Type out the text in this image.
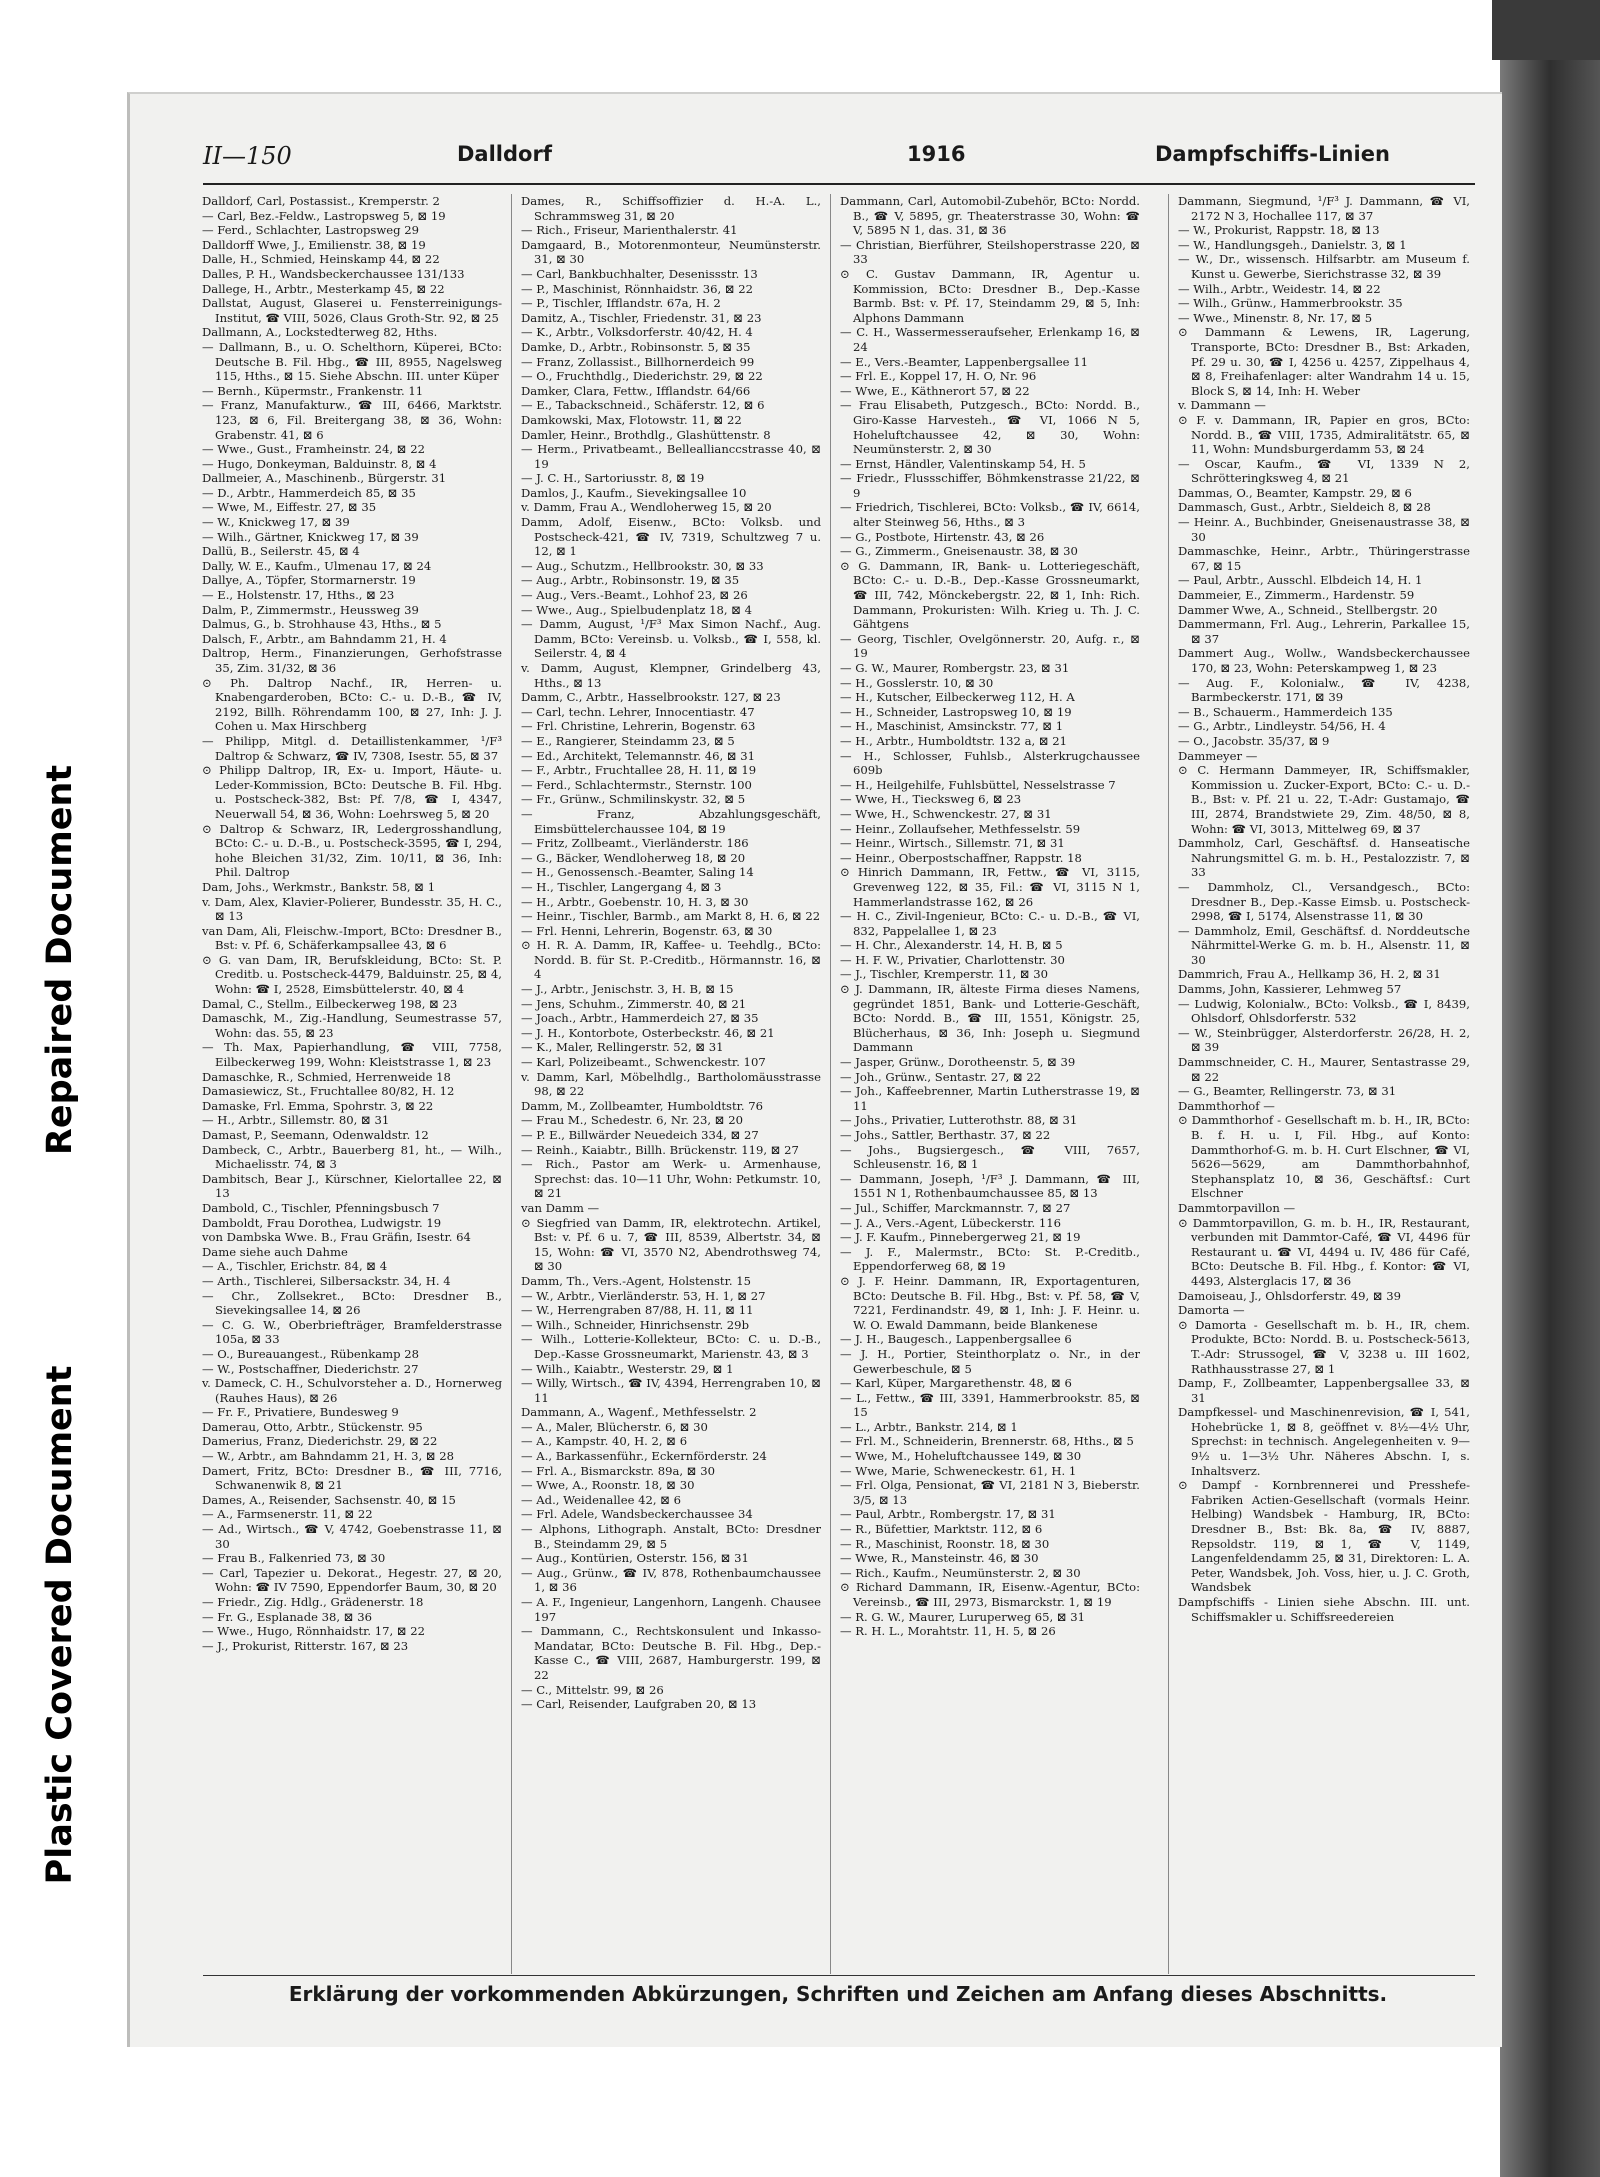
Repaired Document
Plastic Covered Document
II—150	Dalldorf	1916	Dampfschiffs-Linien

Dalldorf, Carl, Postassist., Kremperstr. 2

— Carl, Bez.-Feldw., Lastropsweg 5, ⊠ 19

— Ferd., Schlachter, Lastropsweg 29

Dalldorff Wwe, J., Emilienstr. 38, ⊠ 19

Dalle, H., Schmied, Heinskamp 44, ⊠ 22

Dalles, P. H., Wandsbeckerchaussee 131/133

Dallege, H., Arbtr., Mesterkamp 45, ⊠ 22

Dallstat, August, Glaserei u. Fensterreinigungs-Institut, ☎ VIII, 5026, Claus Groth-Str. 92, ⊠ 25

Dallmann, A., Lockstedterweg 82, Hths.

— Dallmann, B., u. O. Schelthorn, Küperei, BCto: Deutsche B. Fil. Hbg., ☎ III, 8955, Nagelsweg 115, Hths., ⊠ 15. Siehe Abschn. III. unter Küper

— Bernh., Küpermstr., Frankenstr. 11

— Franz, Manufakturw., ☎ III, 6466, Marktstr. 123, ⊠ 6, Fil. Breitergang 38, ⊠ 36, Wohn: Grabenstr. 41, ⊠ 6

— Wwe., Gust., Framheinstr. 24, ⊠ 22

— Hugo, Donkeyman, Balduinstr. 8, ⊠ 4

Dallmeier, A., Maschinenb., Bürgerstr. 31

— D., Arbtr., Hammerdeich 85, ⊠ 35

— Wwe, M., Eiffestr. 27, ⊠ 35

— W., Knickweg 17, ⊠ 39

— Wilh., Gärtner, Knickweg 17, ⊠ 39

Dallü, B., Seilerstr. 45, ⊠ 4

Dally, W. E., Kaufm., Ulmenau 17, ⊠ 24

Dallye, A., Töpfer, Stormarnerstr. 19

— E., Holstenstr. 17, Hths., ⊠ 23

Dalm, P., Zimmermstr., Heussweg 39

Dalmus, G., b. Strohhause 43, Hths., ⊠ 5

Dalsch, F., Arbtr., am Bahndamm 21, H. 4

Daltrop, Herm., Finanzierungen, Gerhofstrasse 35, Zim. 31/32, ⊠ 36

⊙ Ph. Daltrop Nachf., IR, Herren- u. Knabengarderoben, BCto: C.- u. D.-B., ☎ IV, 2192, Billh. Röhrendamm 100, ⊠ 27, Inh: J. J. Cohen u. Max Hirschberg

— Philipp, Mitgl. d. Detaillistenkammer, ¹/F³ Daltrop & Schwarz, ☎ IV, 7308, Isestr. 55, ⊠ 37

⊙ Philipp Daltrop, IR, Ex- u. Import, Häute- u. Leder-Kommission, BCto: Deutsche B. Fil. Hbg. u. Postscheck-382, Bst: Pf. 7/8, ☎ I, 4347, Neuerwall 54, ⊠ 36, Wohn: Loehrsweg 5, ⊠ 20

⊙ Daltrop & Schwarz, IR, Ledergrosshandlung, BCto: C.- u. D.-B., u. Postscheck-3595, ☎ I, 294, hohe Bleichen 31/32, Zim. 10/11, ⊠ 36, Inh: Phil. Daltrop

Dam, Johs., Werkmstr., Bankstr. 58, ⊠ 1

v. Dam, Alex, Klavier-Polierer, Bundesstr. 35, H. C., ⊠ 13

van Dam, Ali, Fleischw.-Import, BCto: Dresdner B., Bst: v. Pf. 6, Schäferkampsallee 43, ⊠ 6

⊙ G. van Dam, IR, Berufskleidung, BCto: St. P. Creditb. u. Postscheck-4479, Balduinstr. 25, ⊠ 4, Wohn: ☎ I, 2528, Eimsbüttelerstr. 40, ⊠ 4

Damal, C., Stellm., Eilbeckerweg 198, ⊠ 23

Damaschk, M., Zig.-Handlung, Seumestrasse 57, Wohn: das. 55, ⊠ 23

— Th. Max, Papierhandlung, ☎ VIII, 7758, Eilbeckerweg 199, Wohn: Kleiststrasse 1, ⊠ 23

Damaschke, R., Schmied, Herrenweide 18

Damasiewicz, St., Fruchtallee 80/82, H. 12

Damaske, Frl. Emma, Spohrstr. 3, ⊠ 22

— H., Arbtr., Sillemstr. 80, ⊠ 31

Damast, P., Seemann, Odenwaldstr. 12

Dambeck, C., Arbtr., Bauerberg 81, ht., — Wilh., Michaelisstr. 74, ⊠ 3

Dambitsch, Bear J., Kürschner, Kielortallee 22, ⊠ 13

Dambold, C., Tischler, Pfenningsbusch 7

Damboldt, Frau Dorothea, Ludwigstr. 19

von Dambska Wwe. B., Frau Gräfin, Isestr. 64

Dame siehe auch Dahme

— A., Tischler, Erichstr. 84, ⊠ 4

— Arth., Tischlerei, Silbersackstr. 34, H. 4

— Chr., Zollsekret., BCto: Dresdner B., Sievekingsallee 14, ⊠ 26

— C. G. W., Oberbriefträger, Bramfelderstrasse 105a, ⊠ 33

— O., Bureauangest., Rübenkamp 28

— W., Postschaffner, Diederichstr. 27

v. Dameck, C. H., Schulvorsteher a. D., Hornerweg (Rauhes Haus), ⊠ 26

— Fr. F., Privatiere, Bundesweg 9

Damerau, Otto, Arbtr., Stückenstr. 95

Damerius, Franz, Diederichstr. 29, ⊠ 22

— W., Arbtr., am Bahndamm 21, H. 3, ⊠ 28

Damert, Fritz, BCto: Dresdner B., ☎ III, 7716, Schwanenwik 8, ⊠ 21

Dames, A., Reisender, Sachsenstr. 40, ⊠ 15

— A., Farmsenerstr. 11, ⊠ 22

— Ad., Wirtsch., ☎ V, 4742, Goebenstrasse 11, ⊠ 30

— Frau B., Falkenried 73, ⊠ 30

— Carl, Tapezier u. Dekorat., Hegestr. 27, ⊠ 20, Wohn: ☎ IV 7590, Eppendorfer Baum, 30, ⊠ 20

— Friedr., Zig. Hdlg., Grädenerstr. 18

— Fr. G., Esplanade 38, ⊠ 36

— Wwe., Hugo, Rönnhaidstr. 17, ⊠ 22

— J., Prokurist, Ritterstr. 167, ⊠ 23

Dames, R., Schiffsoffizier d. H.-A. L., Schrammsweg 31, ⊠ 20

— Rich., Friseur, Marienthalerstr. 41

Damgaard, B., Motorenmonteur, Neumünsterstr. 31, ⊠ 30

— Carl, Bankbuchhalter, Desenissstr. 13

— P., Maschinist, Rönnhaidstr. 36, ⊠ 22

— P., Tischler, Ifflandstr. 67a, H. 2

Damitz, A., Tischler, Friedenstr. 31, ⊠ 23

— K., Arbtr., Volksdorferstr. 40/42, H. 4

Damke, D., Arbtr., Robinsonstr. 5, ⊠ 35

— Franz, Zollassist., Billhornerdeich 99

— O., Fruchthdlg., Diederichstr. 29, ⊠ 22

Damker, Clara, Fettw., Ifflandstr. 64/66

— E., Tabackschneid., Schäferstr. 12, ⊠ 6

Damkowski, Max, Flotowstr. 11, ⊠ 22

Damler, Heinr., Brothdlg., Glashüttenstr. 8

— Herm., Privatbeamt., Belleallianccstrasse 40, ⊠ 19

— J. C. H., Sartoriusstr. 8, ⊠ 19

Damlos, J., Kaufm., Sievekingsallee 10

v. Damm, Frau A., Wendloherweg 15, ⊠ 20

Damm, Adolf, Eisenw., BCto: Volksb. und Postscheck-421, ☎ IV, 7319, Schultzweg 7 u. 12, ⊠ 1

— Aug., Schutzm., Hellbrookstr. 30, ⊠ 33

— Aug., Arbtr., Robinsonstr. 19, ⊠ 35

— Aug., Vers.-Beamt., Lohhof 23, ⊠ 26

— Wwe., Aug., Spielbudenplatz 18, ⊠ 4

— Damm, August, ¹/F³ Max Simon Nachf., Aug. Damm, BCto: Vereinsb. u. Volksb., ☎ I, 558, kl. Seilerstr. 4, ⊠ 4

v. Damm, August, Klempner, Grindelberg 43, Hths., ⊠ 13

Damm, C., Arbtr., Hasselbrookstr. 127, ⊠ 23

— Carl, techn. Lehrer, Innocentiastr. 47

— Frl. Christine, Lehrerin, Bogenstr. 63

— E., Rangierer, Steindamm 23, ⊠ 5

— Ed., Architekt, Telemannstr. 46, ⊠ 31

— F., Arbtr., Fruchtallee 28, H. 11, ⊠ 19

— Ferd., Schlachtermstr., Sternstr. 100

— Fr., Grünw., Schmilinskystr. 32, ⊠ 5

— Franz, Abzahlungsgeschäft, Eimsbüttelerchaussee 104, ⊠ 19

— Fritz, Zollbeamt., Vierländerstr. 186

— G., Bäcker, Wendloherweg 18, ⊠ 20

— H., Genossensch.-Beamter, Saling 14

— H., Tischler, Langergang 4, ⊠ 3

— H., Arbtr., Goebenstr. 10, H. 3, ⊠ 30

— Heinr., Tischler, Barmb., am Markt 8, H. 6, ⊠ 22

— Frl. Henni, Lehrerin, Bogenstr. 63, ⊠ 30

⊙ H. R. A. Damm, IR, Kaffee- u. Teehdlg., BCto: Nordd. B. für St. P.-Creditb., Hörmannstr. 16, ⊠ 4

— J., Arbtr., Jenischstr. 3, H. B, ⊠ 15

— Jens, Schuhm., Zimmerstr. 40, ⊠ 21

— Joach., Arbtr., Hammerdeich 27, ⊠ 35

— J. H., Kontorbote, Osterbeckstr. 46, ⊠ 21

— K., Maler, Rellingerstr. 52, ⊠ 31

— Karl, Polizeibeamt., Schwenckestr. 107

v. Damm, Karl, Möbelhdlg., Bartholomäusstrasse 98, ⊠ 22

Damm, M., Zollbeamter, Humboldtstr. 76

— Frau M., Schedestr. 6, Nr. 23, ⊠ 20

— P. E., Billwärder Neuedeich 334, ⊠ 27

— Reinh., Kaiabtr., Billh. Brückenstr. 119, ⊠ 27

— Rich., Pastor am Werk- u. Armenhause, Sprechst: das. 10—11 Uhr, Wohn: Petkumstr. 10, ⊠ 21

van Damm —

⊙ Siegfried van Damm, IR, elektrotechn. Artikel, Bst: v. Pf. 6 u. 7, ☎ III, 8539, Albertstr. 34, ⊠ 15, Wohn: ☎ VI, 3570 N2, Abendrothsweg 74, ⊠ 30

Damm, Th., Vers.-Agent, Holstenstr. 15

— W., Arbtr., Vierländerstr. 53, H. 1, ⊠ 27

— W., Herrengraben 87/88, H. 11, ⊠ 11

— Wilh., Schneider, Hinrichsenstr. 29b

— Wilh., Lotterie-Kollekteur, BCto: C. u. D.-B., Dep.-Kasse Grossneumarkt, Marienstr. 43, ⊠ 3

— Wilh., Kaiabtr., Westerstr. 29, ⊠ 1

— Willy, Wirtsch., ☎ IV, 4394, Herrengraben 10, ⊠ 11

Dammann, A., Wagenf., Methfesselstr. 2

— A., Maler, Blücherstr. 6, ⊠ 30

— A., Kampstr. 40, H. 2, ⊠ 6

— A., Barkassenführ., Eckernförderstr. 24

— Frl. A., Bismarckstr. 89a, ⊠ 30

— Wwe, A., Roonstr. 18, ⊠ 30

— Ad., Weidenallee 42, ⊠ 6

— Frl. Adele, Wandsbeckerchaussee 34

— Alphons, Lithograph. Anstalt, BCto: Dresdner B., Steindamm 29, ⊠ 5

— Aug., Kontürien, Osterstr. 156, ⊠ 31

— Aug., Grünw., ☎ IV, 878, Rothenbaumchaussee 1, ⊠ 36

— A. F., Ingenieur, Langenhorn, Langenh. Chausee 197

— Dammann, C., Rechtskonsulent und Inkasso-Mandatar, BCto: Deutsche B. Fil. Hbg., Dep.-Kasse C., ☎ VIII, 2687, Hamburgerstr. 199, ⊠ 22

— C., Mittelstr. 99, ⊠ 26

— Carl, Reisender, Laufgraben 20, ⊠ 13

Dammann, Carl, Automobil-Zubehör, BCto: Nordd. B., ☎ V, 5895, gr. Theaterstrasse 30, Wohn: ☎ V, 5895 N 1, das. 31, ⊠ 36

— Christian, Bierführer, Steilshoperstrasse 220, ⊠ 33

⊙ C. Gustav Dammann, IR, Agentur u. Kommission, BCto: Dresdner B., Dep.-Kasse Barmb. Bst: v. Pf. 17, Steindamm 29, ⊠ 5, Inh: Alphons Dammann

— C. H., Wassermesseraufseher, Erlenkamp 16, ⊠ 24

— E., Vers.-Beamter, Lappenbergsallee 11

— Frl. E., Koppel 17, H. O, Nr. 96

— Wwe, E., Käthnerort 57, ⊠ 22

— Frau Elisabeth, Putzgesch., BCto: Nordd. B., Giro-Kasse Harvesteh., ☎ VI, 1066 N 5, Hoheluftchaussee 42, ⊠ 30, Wohn: Neumünsterstr. 2, ⊠ 30

— Ernst, Händler, Valentinskamp 54, H. 5

— Friedr., Flussschiffer, Böhmkenstrasse 21/22, ⊠ 9

— Friedrich, Tischlerei, BCto: Volksb., ☎ IV, 6614, alter Steinweg 56, Hths., ⊠ 3

— G., Postbote, Hirtenstr. 43, ⊠ 26

— G., Zimmerm., Gneisenaustr. 38, ⊠ 30

⊙ G. Dammann, IR, Bank- u. Lotteriegeschäft, BCto: C.- u. D.-B., Dep.-Kasse Grossneumarkt, ☎ III, 742, Mönckebergstr. 22, ⊠ 1, Inh: Rich. Dammann, Prokuristen: Wilh. Krieg u. Th. J. C. Gähtgens

— Georg, Tischler, Ovelgönnerstr. 20, Aufg. r., ⊠ 19

— G. W., Maurer, Rombergstr. 23, ⊠ 31

— H., Gosslerstr. 10, ⊠ 30

— H., Kutscher, Eilbeckerweg 112, H. A

— H., Schneider, Lastropsweg 10, ⊠ 19

— H., Maschinist, Amsinckstr. 77, ⊠ 1

— H., Arbtr., Humboldtstr. 132 a, ⊠ 21

— H., Schlosser, Fuhlsb., Alsterkrugchaussee 609b

— H., Heilgehilfe, Fuhlsbüttel, Nesselstrasse 7

— Wwe, H., Tiecksweg 6, ⊠ 23

— Wwe, H., Schwenckestr. 27, ⊠ 31

— Heinr., Zollaufseher, Methfesselstr. 59

— Heinr., Wirtsch., Sillemstr. 71, ⊠ 31

— Heinr., Oberpostschaffner, Rappstr. 18

⊙ Hinrich Dammann, IR, Fettw., ☎ VI, 3115, Grevenweg 122, ⊠ 35, Fil.: ☎ VI, 3115 N 1, Hammerlandstrasse 162, ⊠ 26

— H. C., Zivil-Ingenieur, BCto: C.- u. D.-B., ☎ VI, 832, Pappelallee 1, ⊠ 23

— H. Chr., Alexanderstr. 14, H. B, ⊠ 5

— H. F. W., Privatier, Charlottenstr. 30

— J., Tischler, Kremperstr. 11, ⊠ 30

⊙ J. Dammann, IR, älteste Firma dieses Namens, gegründet 1851, Bank- und Lotterie-Geschäft, BCto: Nordd. B., ☎ III, 1551, Königstr. 25, Blücherhaus, ⊠ 36, Inh: Joseph u. Siegmund Dammann

— Jasper, Grünw., Dorotheenstr. 5, ⊠ 39

— Joh., Grünw., Sentastr. 27, ⊠ 22

— Joh., Kaffeebrenner, Martin Lutherstrasse 19, ⊠ 11

— Johs., Privatier, Lutterothstr. 88, ⊠ 31

— Johs., Sattler, Berthastr. 37, ⊠ 22

— Johs., Bugsiergesch., ☎ VIII, 7657, Schleusenstr. 16, ⊠ 1

— Dammann, Joseph, ¹/F³ J. Dammann, ☎ III, 1551 N 1, Rothenbaumchaussee 85, ⊠ 13

— Jul., Schiffer, Marckmannstr. 7, ⊠ 27

— J. A., Vers.-Agent, Lübeckerstr. 116

— J. F. Kaufm., Pinnebergerweg 21, ⊠ 19

— J. F., Malermstr., BCto: St. P.-Creditb., Eppendorferweg 68, ⊠ 19

⊙ J. F. Heinr. Dammann, IR, Exportagenturen, BCto: Deutsche B. Fil. Hbg., Bst: v. Pf. 58, ☎ V, 7221, Ferdinandstr. 49, ⊠ 1, Inh: J. F. Heinr. u. W. O. Ewald Dammann, beide Blankenese

— J. H., Baugesch., Lappenbergsallee 6

— J. H., Portier, Steinthorplatz o. Nr., in der Gewerbeschule, ⊠ 5

— Karl, Küper, Margarethenstr. 48, ⊠ 6

— L., Fettw., ☎ III, 3391, Hammerbrookstr. 85, ⊠ 15

— L., Arbtr., Bankstr. 214, ⊠ 1

— Frl. M., Schneiderin, Brennerstr. 68, Hths., ⊠ 5

— Wwe, M., Hoheluftchaussee 149, ⊠ 30

— Wwe, Marie, Schweneckestr. 61, H. 1

— Frl. Olga, Pensionat, ☎ VI, 2181 N 3, Bieberstr. 3/5, ⊠ 13

— Paul, Arbtr., Rombergstr. 17, ⊠ 31

— R., Büfettier, Marktstr. 112, ⊠ 6

— R., Maschinist, Roonstr. 18, ⊠ 30

— Wwe, R., Mansteinstr. 46, ⊠ 30

— Rich., Kaufm., Neumünsterstr. 2, ⊠ 30

⊙ Richard Dammann, IR, Eisenw.-Agentur, BCto: Vereinsb., ☎ III, 2973, Bismarckstr. 1, ⊠ 19

— R. G. W., Maurer, Luruperweg 65, ⊠ 31

— R. H. L., Morahtstr. 11, H. 5, ⊠ 26

Dammann, Siegmund, ¹/F³ J. Dammann, ☎ VI, 2172 N 3, Hochallee 117, ⊠ 37

— W., Prokurist, Rappstr. 18, ⊠ 13

— W., Handlungsgeh., Danielstr. 3, ⊠ 1

— W., Dr., wissensch. Hilfsarbtr. am Museum f. Kunst u. Gewerbe, Sierichstrasse 32, ⊠ 39

— Wilh., Arbtr., Weidestr. 14, ⊠ 22

— Wilh., Grünw., Hammerbrookstr. 35

— Wwe., Minenstr. 8, Nr. 17, ⊠ 5

⊙ Dammann & Lewens, IR, Lagerung, Transporte, BCto: Dresdner B., Bst: Arkaden, Pf. 29 u. 30, ☎ I, 4256 u. 4257, Zippelhaus 4, ⊠ 8, Freihafenlager: alter Wandrahm 14 u. 15, Block S, ⊠ 14, Inh: H. Weber

v. Dammann —

⊙ F. v. Dammann, IR, Papier en gros, BCto: Nordd. B., ☎ VIII, 1735, Admiralitätstr. 65, ⊠ 11, Wohn: Mundsburgerdamm 53, ⊠ 24

— Oscar, Kaufm., ☎ VI, 1339 N 2, Schrötteringksweg 4, ⊠ 21

Dammas, O., Beamter, Kampstr. 29, ⊠ 6

Dammasch, Gust., Arbtr., Sieldeich 8, ⊠ 28

— Heinr. A., Buchbinder, Gneisenaustrasse 38, ⊠ 30

Dammaschke, Heinr., Arbtr., Thüringerstrasse 67, ⊠ 15

— Paul, Arbtr., Ausschl. Elbdeich 14, H. 1

Dammeier, E., Zimmerm., Hardenstr. 59

Dammer Wwe, A., Schneid., Stellbergstr. 20

Dammermann, Frl. Aug., Lehrerin, Parkallee 15, ⊠ 37

Dammert Aug., Wollw., Wandsbeckerchaussee 170, ⊠ 23, Wohn: Peterskampweg 1, ⊠ 23

— Aug. F., Kolonialw., ☎ IV, 4238, Barmbeckerstr. 171, ⊠ 39

— B., Schauerm., Hammerdeich 135

— G., Arbtr., Lindleystr. 54/56, H. 4

— O., Jacobstr. 35/37, ⊠ 9

Dammeyer —

⊙ C. Hermann Dammeyer, IR, Schiffsmakler, Kommission u. Zucker-Export, BCto: C.- u. D.-B., Bst: v. Pf. 21 u. 22, T.-Adr: Gustamajo, ☎ III, 2874, Brandstwiete 29, Zim. 48/50, ⊠ 8, Wohn: ☎ VI, 3013, Mittelweg 69, ⊠ 37

Dammholz, Carl, Geschäftsf. d. Hanseatische Nahrungsmittel G. m. b. H., Pestalozzistr. 7, ⊠ 33

— Dammholz, Cl., Versandgesch., BCto: Dresdner B., Dep.-Kasse Eimsb. u. Postscheck-2998, ☎ I, 5174, Alsenstrasse 11, ⊠ 30

— Dammholz, Emil, Geschäftsf. d. Norddeutsche Nährmittel-Werke G. m. b. H., Alsenstr. 11, ⊠ 30

Dammrich, Frau A., Hellkamp 36, H. 2, ⊠ 31

Damms, John, Kassierer, Lehmweg 57

— Ludwig, Kolonialw., BCto: Volksb., ☎ I, 8439, Ohlsdorf, Ohlsdorferstr. 532

— W., Steinbrügger, Alsterdorferstr. 26/28, H. 2, ⊠ 39

Dammschneider, C. H., Maurer, Sentastrasse 29, ⊠ 22

— G., Beamter, Rellingerstr. 73, ⊠ 31

Dammthorhof —

⊙ Dammthorhof - Gesellschaft m. b. H., IR, BCto: B. f. H. u. I, Fil. Hbg., auf Konto: Dammthorhof-G. m. b. H. Curt Elschner, ☎ VI, 5626—5629, am Dammthorbahnhof, Stephansplatz 10, ⊠ 36, Geschäftsf.: Curt Elschner

Dammtorpavillon —

⊙ Dammtorpavillon, G. m. b. H., IR, Restaurant, verbunden mit Dammtor-Café, ☎ VI, 4496 für Restaurant u. ☎ VI, 4494 u. IV, 486 für Café, BCto: Deutsche B. Fil. Hbg., f. Kontor: ☎ VI, 4493, Alsterglacis 17, ⊠ 36

Damoiseau, J., Ohlsdorferstr. 49, ⊠ 39

Damorta —

⊙ Damorta - Gesellschaft m. b. H., IR, chem. Produkte, BCto: Nordd. B. u. Postscheck-5613, T.-Adr: Strussogel, ☎ V, 3238 u. III 1602, Rathhausstrasse 27, ⊠ 1

Damp, F., Zollbeamter, Lappenbergsallee 33, ⊠ 31

Dampfkessel- und Maschinenrevision, ☎ I, 541, Hohebrücke 1, ⊠ 8, geöffnet v. 8½—4½ Uhr, Sprechst: in technisch. Angelegenheiten v. 9—9½ u. 1—3½ Uhr. Näheres Abschn. I, s. Inhaltsverz.

⊙ Dampf - Kornbrennerei und Presshefe-Fabriken Actien-Gesellschaft (vormals Heinr. Helbing) Wandsbek - Hamburg, IR, BCto: Dresdner B., Bst: Bk. 8a, ☎ IV, 8887, Repsoldstr. 119, ⊠ 1, ☎ V, 1149, Langenfeldendamm 25, ⊠ 31, Direktoren: L. A. Peter, Wandsbek, Joh. Voss, hier, u. J. C. Groth, Wandsbek

Dampfschiffs - Linien siehe Abschn. III. unt. Schiffsmakler u. Schiffsreedereien

Erklärung der vorkommenden Abkürzungen, Schriften und Zeichen am Anfang dieses Abschnitts.
